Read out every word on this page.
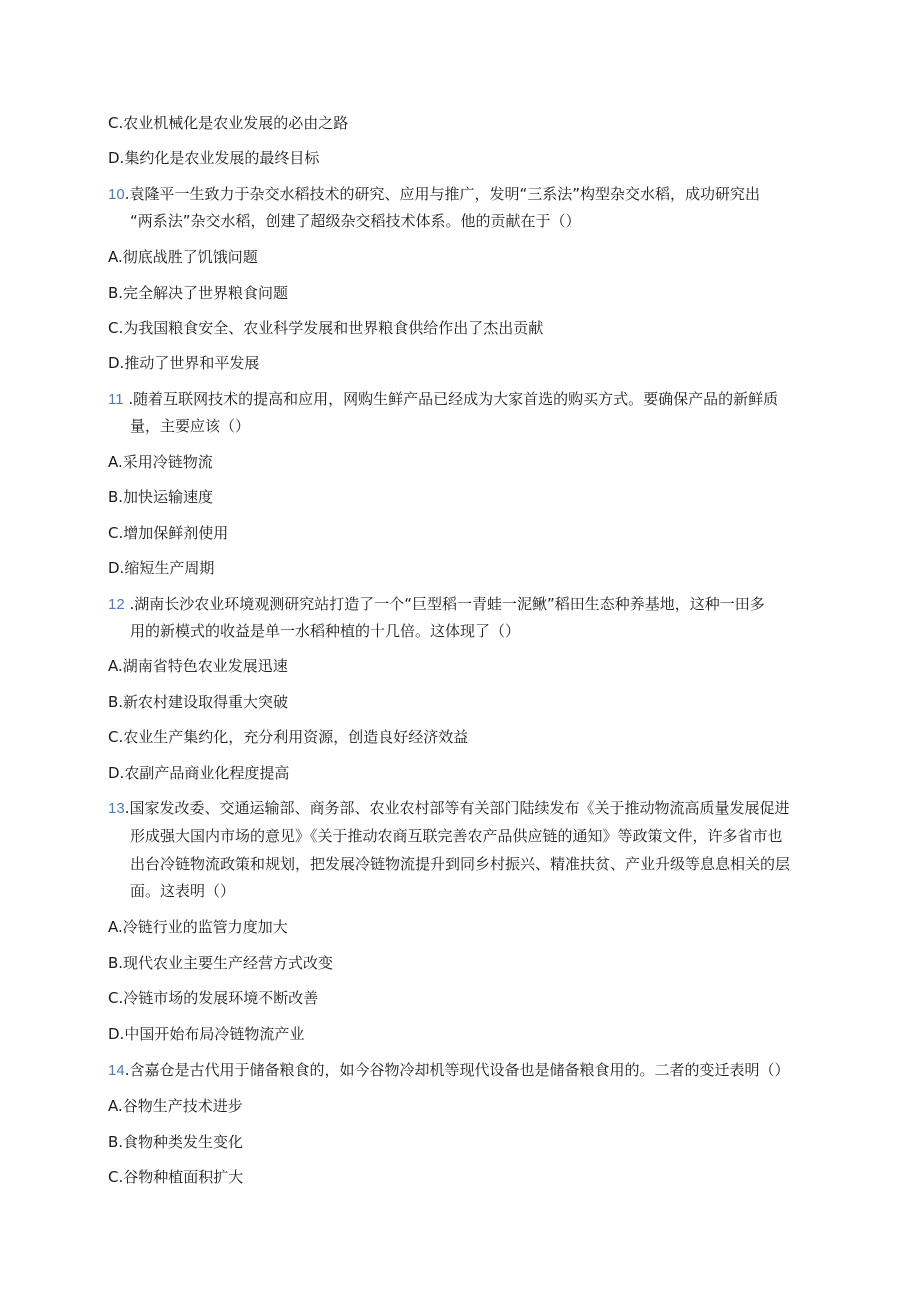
C.农业机械化是农业发展的必由之路
D.集约化是农业发展的最终目标
10.袁隆平一生致力于杂交水稻技术的研究、应用与推广，发明“三系法”构型杂交水稻，成功研究出
“两系法”杂交水稻，创建了超级杂交稻技术体系。他的贡献在于（）
A.彻底战胜了饥饿问题
B.完全解决了世界粮食问题
C.为我国粮食安全、农业科学发展和世界粮食供给作出了杰出贡献
D.推动了世界和平发展
11 .随着互联网技术的提高和应用，网购生鲜产品已经成为大家首选的购买方式。要确保产品的新鲜质
量，主要应该（）
A.采用冷链物流
B.加快运输速度
C.增加保鲜剂使用
D.缩短生产周期
12 .湖南长沙农业环境观测研究站打造了一个“巨型稻一青蛙一泥鳅”稻田生态种养基地，这种一田多
用的新模式的收益是单一水稻种植的十几倍。这体现了（）
A.湖南省特色农业发展迅速
B.新农村建设取得重大突破
C.农业生产集约化，充分利用资源，创造良好经济效益
D.农副产品商业化程度提高
13.国家发改委、交通运输部、商务部、农业农村部等有关部门陆续发布《关于推动物流高质量发展促进
形成强大国内市场的意见》《关于推动农商互联完善农产品供应链的通知》等政策文件，许多省市也
出台冷链物流政策和规划，把发展冷链物流提升到同乡村振兴、精准扶贫、产业升级等息息相关的层
面。这表明（）
A.冷链行业的监管力度加大
B.现代农业主要生产经营方式改变
C.冷链市场的发展环境不断改善
D.中国开始布局冷链物流产业
14.含嘉仓是古代用于储备粮食的，如今谷物冷却机等现代设备也是储备粮食用的。二者的变迁表明（）
A.谷物生产技术进步
B.食物种类发生变化
C.谷物种植面积扩大
